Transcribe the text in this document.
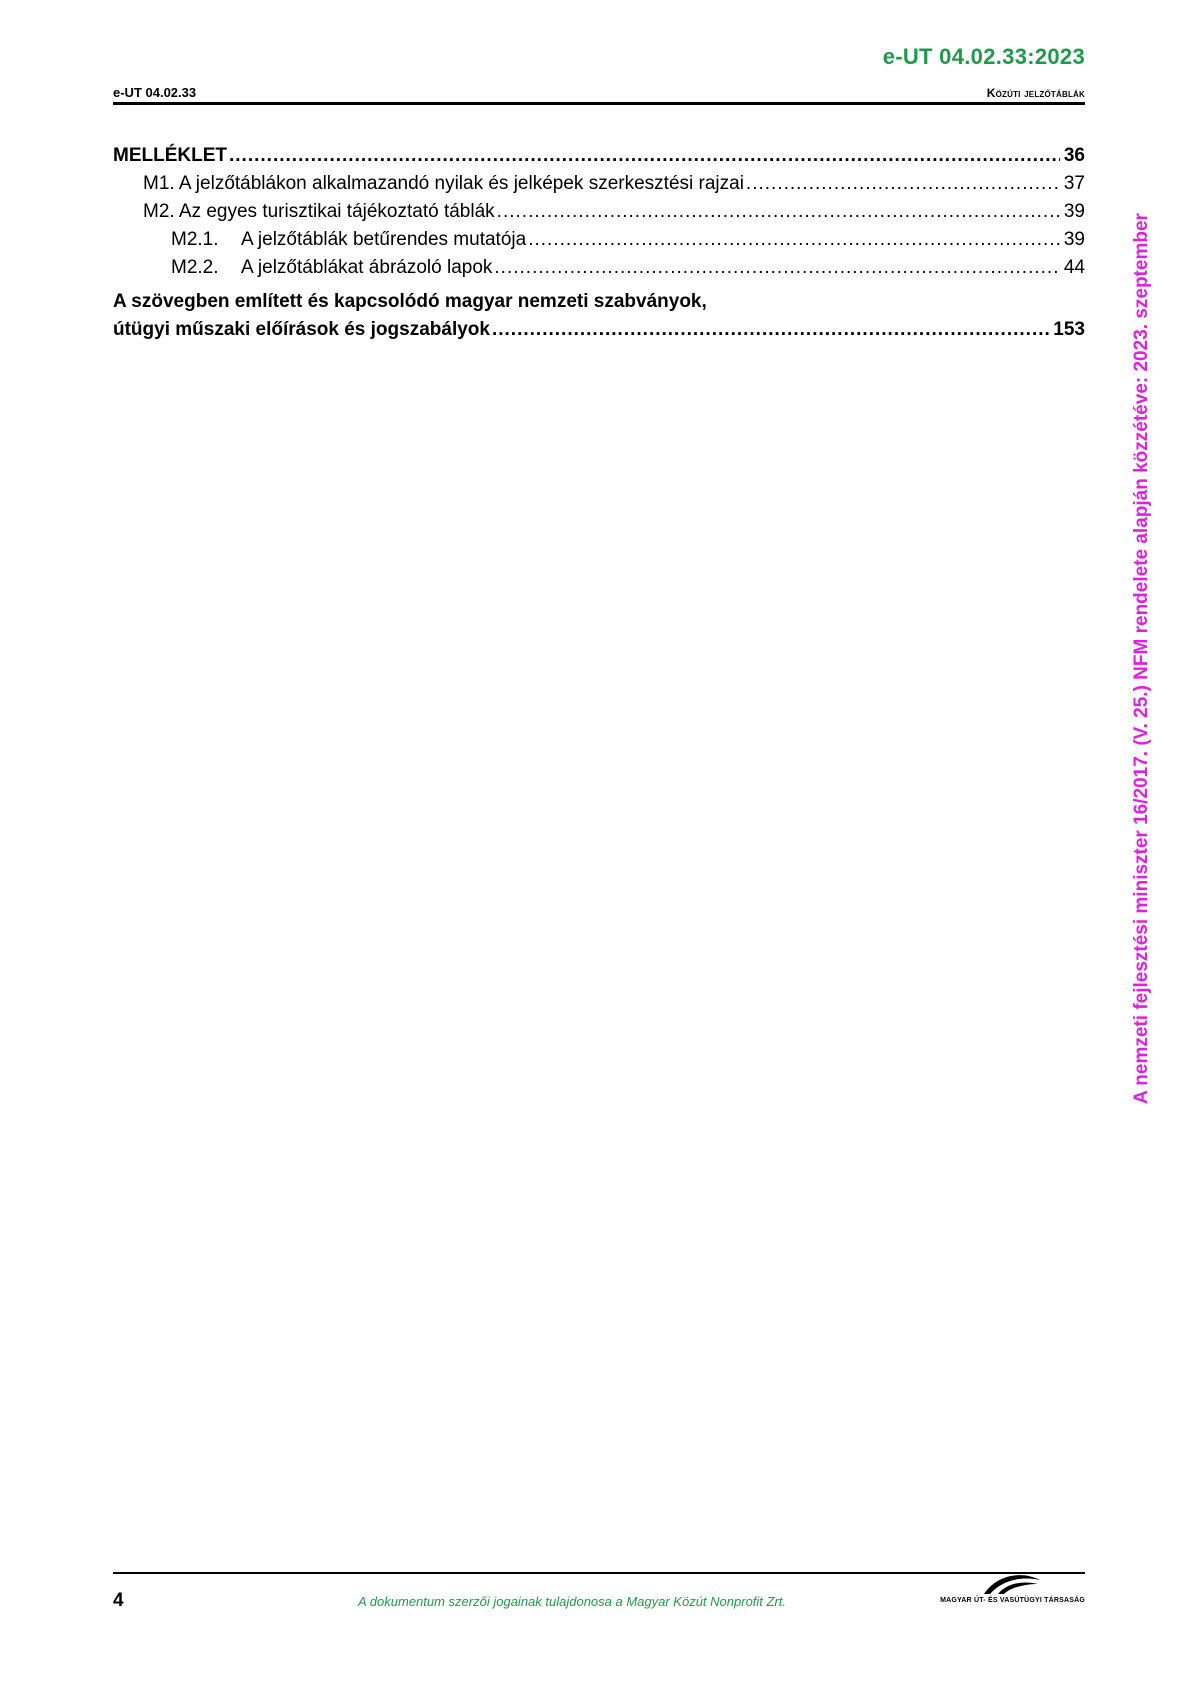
e-UT 04.02.33:2023
e-UT 04.02.33	Közúti jelzőtáblák
MELLÉKLET .....	36
M1. A jelzőtáblákon alkalmazandó nyilak és jelképek szerkesztési rajzai .....	37
M2. Az egyes turisztikai tájékoztató táblák .....	39
M2.1.	A jelzőtáblák betűrendes mutatója .....	39
M2.2.	A jelzőtáblákat ábrázoló lapok .....	44
A szövegben említett és kapcsolódó magyar nemzeti szabványok,
útügyi műszaki előírások és jogszabályok .....	153 A nemzeti fejlesztési miniszter 16/2017. (V. 25.) NFM rendelete alapján közzétéve: 2023. szeptember
4	A dokumentum szerzői jogainak tulajdonosa a Magyar Közút Nonprofit Zrt.	MAGYAR ÚT- ÉS VASÚTÜGYI TÁRSASÁG
